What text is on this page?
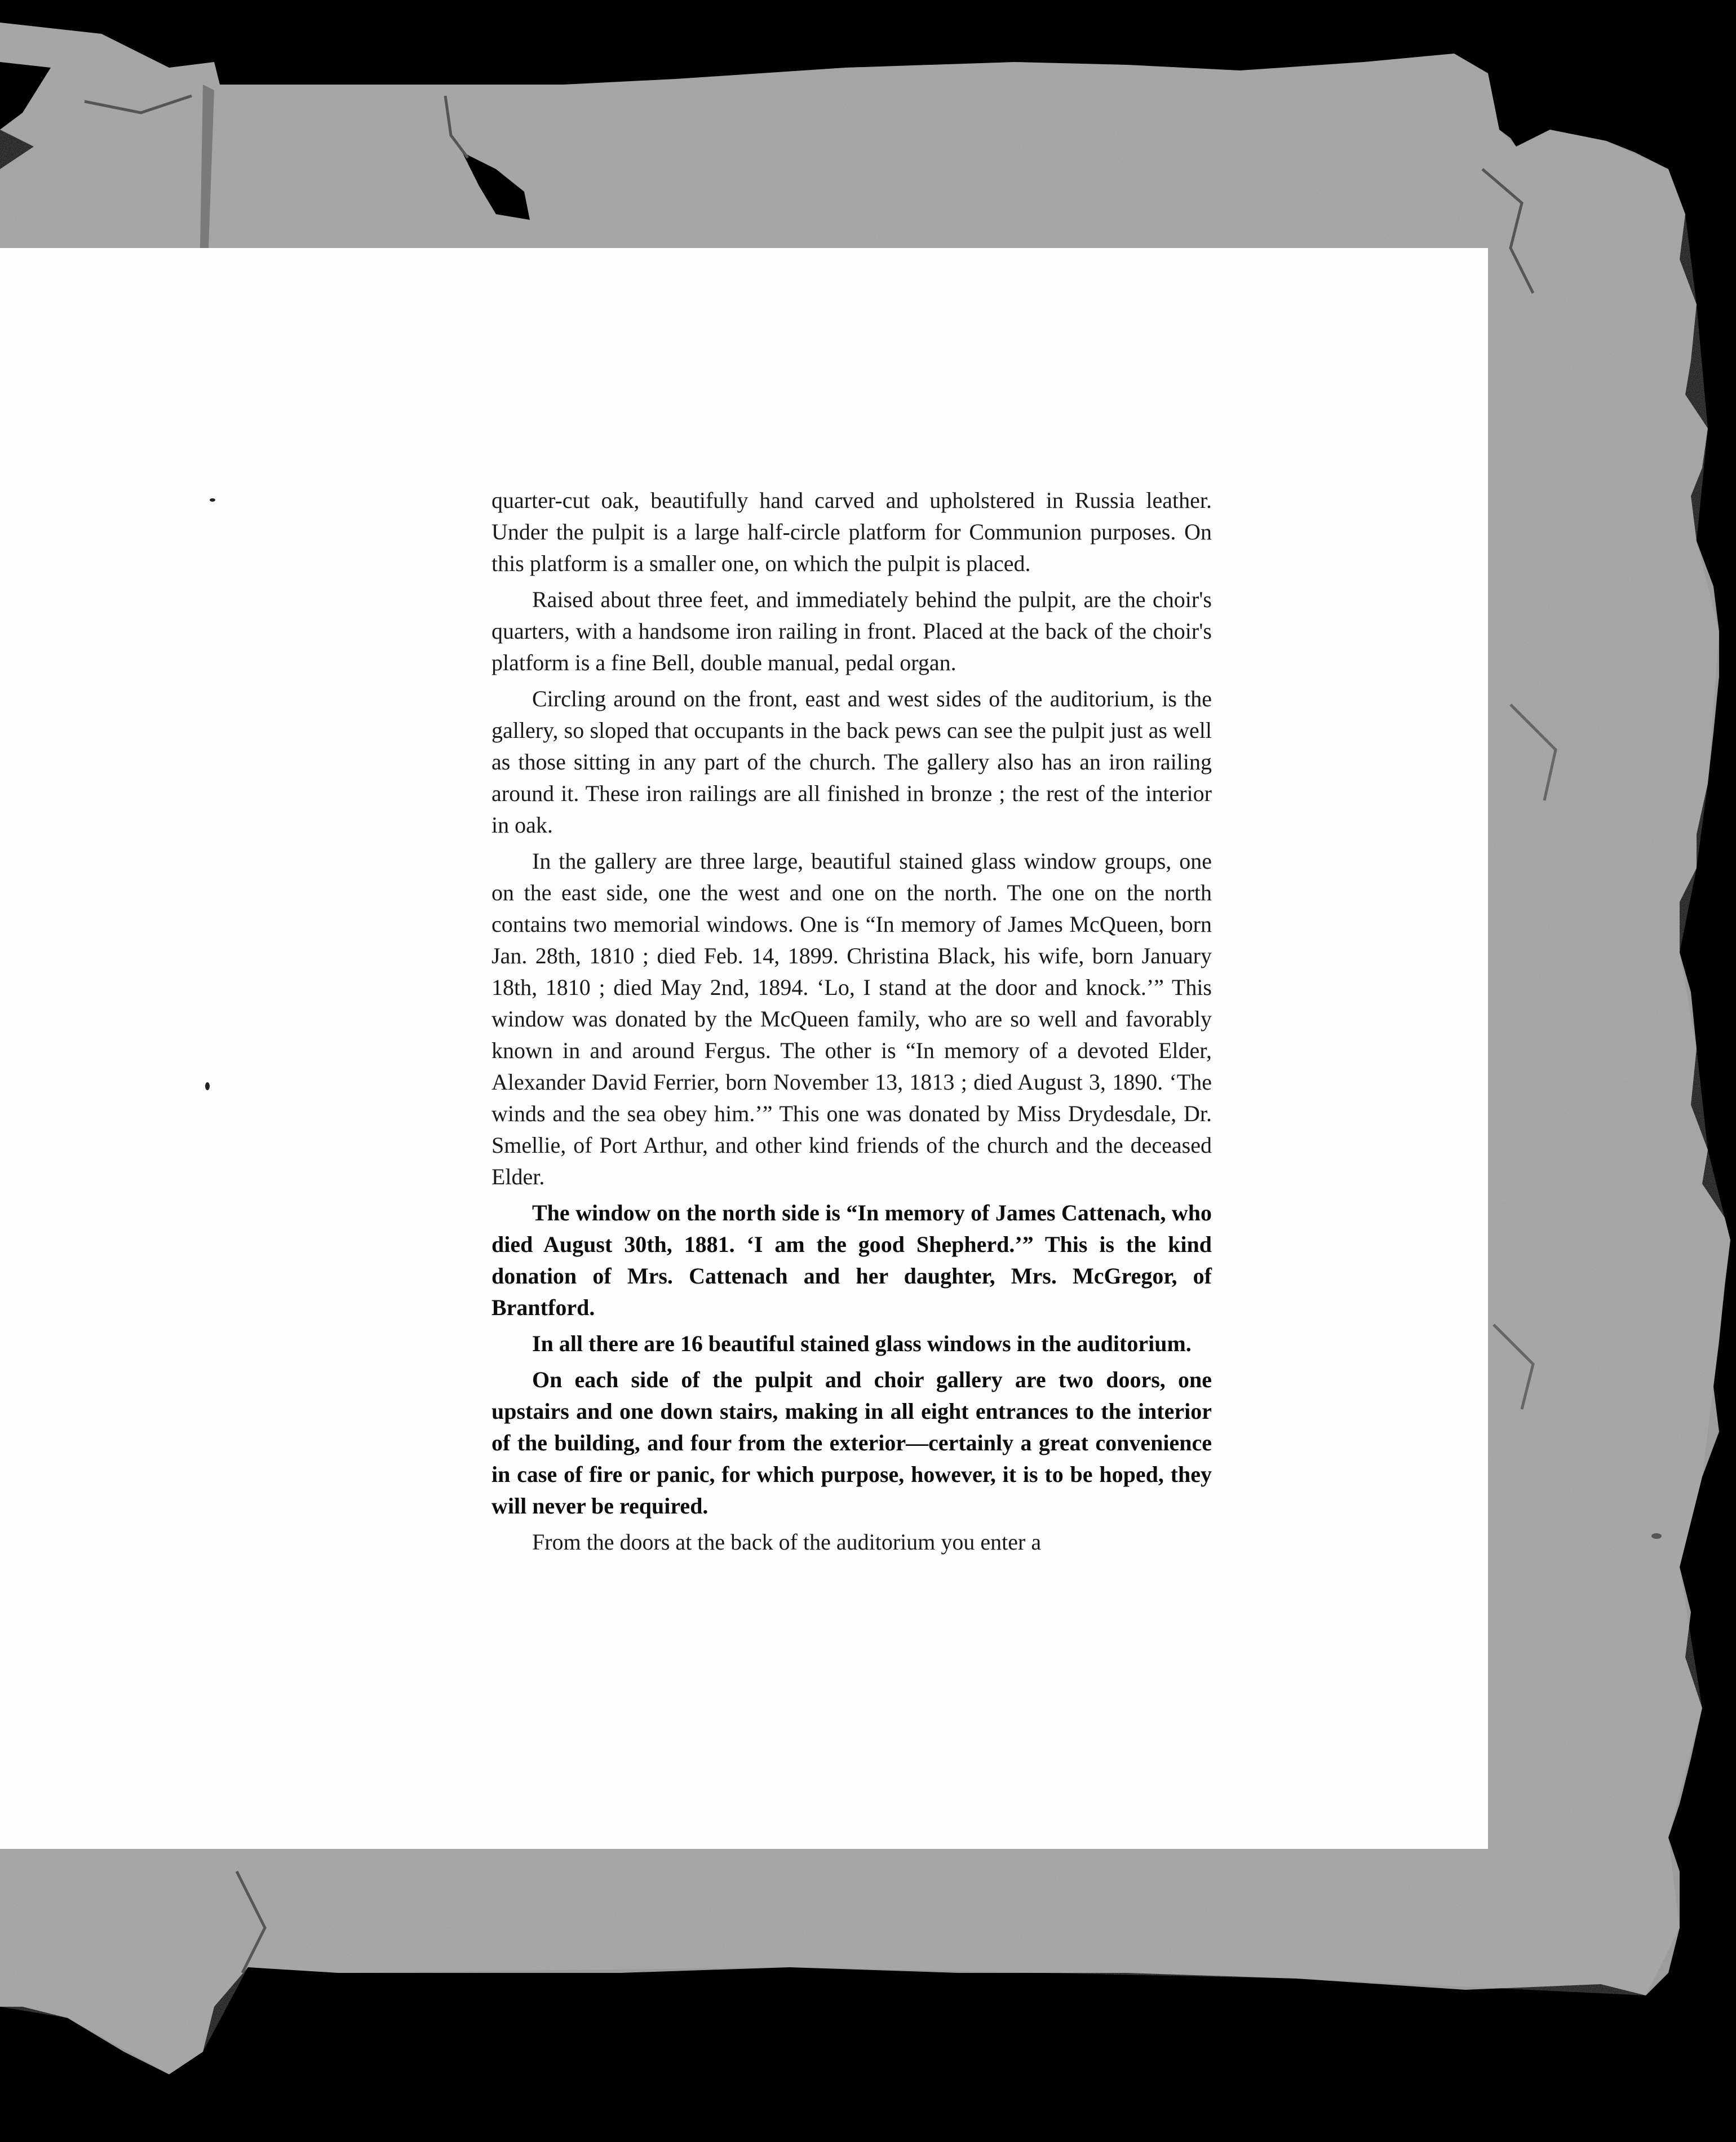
quarter-cut oak, beautifully hand carved and upholstered in Russia leather. Under the pulpit is a large half-circle platform for Communion purposes. On this platform is a smaller one, on which the pulpit is placed.

Raised about three feet, and immediately behind the pulpit, are the choir's quarters, with a handsome iron railing in front. Placed at the back of the choir's platform is a fine Bell, double manual, pedal organ.

Circling around on the front, east and west sides of the auditorium, is the gallery, so sloped that occupants in the back pews can see the pulpit just as well as those sitting in any part of the church. The gallery also has an iron railing around it. These iron railings are all finished in bronze ; the rest of the interior in oak.

In the gallery are three large, beautiful stained glass window groups, one on the east side, one the west and one on the north. The one on the north contains two memorial windows. One is “In memory of James McQueen, born Jan. 28th, 1810 ; died Feb. 14, 1899. Christina Black, his wife, born January 18th, 1810 ; died May 2nd, 1894. ‘Lo, I stand at the door and knock.’” This window was donated by the McQueen family, who are so well and favorably known in and around Fergus. The other is “In memory of a devoted Elder, Alexander David Ferrier, born November 13, 1813 ; died August 3, 1890. ‘The winds and the sea obey him.’” This one was donated by Miss Drydesdale, Dr. Smellie, of Port Arthur, and other kind friends of the church and the deceased Elder.

The window on the north side is “In memory of James Cattenach, who died August 30th, 1881. ‘I am the good Shepherd.’” This is the kind donation of Mrs. Cattenach and her daughter, Mrs. McGregor, of Brantford.

In all there are 16 beautiful stained glass windows in the auditorium.

On each side of the pulpit and choir gallery are two doors, one upstairs and one down stairs, making in all eight entrances to the interior of the building, and four from the exterior—certainly a great convenience in case of fire or panic, for which purpose, however, it is to be hoped, they will never be required.

From the doors at the back of the auditorium you enter a
